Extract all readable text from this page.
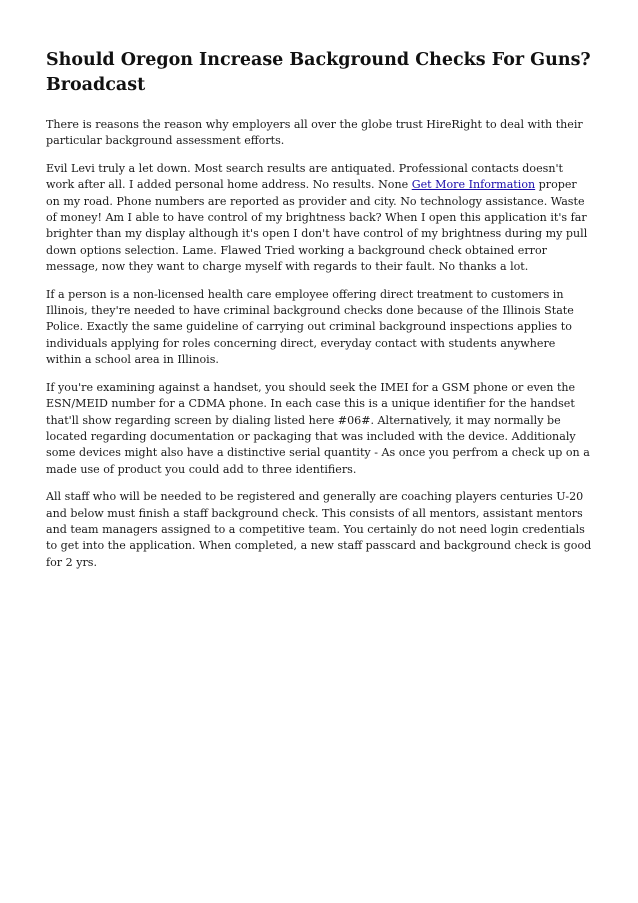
Should Oregon Increase Background Checks For Guns? Broadcast

There is reasons the reason why employers all over the globe trust HireRight to deal with their particular background assessment efforts.

Evil Levi truly a let down. Most search results are antiquated. Professional contacts doesn't work after all. I added personal home address. No results. None Get More Information proper on my road. Phone numbers are reported as provider and city. No technology assistance. Waste of money! Am I able to have control of my brightness back? When I open this application it's far brighter than my display although it's open I don't have control of my brightness during my pull down options selection. Lame. Flawed Tried working a background check obtained error message, now they want to charge myself with regards to their fault. No thanks a lot.

If a person is a non-licensed health care employee offering direct treatment to customers in Illinois, they're needed to have criminal background checks done because of the Illinois State Police. Exactly the same guideline of carrying out criminal background inspections applies to individuals applying for roles concerning direct, everyday contact with students anywhere within a school area in Illinois.

If you're examining against a handset, you should seek the IMEI for a GSM phone or even the ESN/MEID number for a CDMA phone. In each case this is a unique identifier for the handset that'll show regarding screen by dialing listed here #06#. Alternatively, it may normally be located regarding documentation or packaging that was included with the device. Additionaly some devices might also have a distinctive serial quantity - As once you perfrom a check up on a made use of product you could add to three identifiers.

All staff who will be needed to be registered and generally are coaching players centuries U-20 and below must finish a staff background check. This consists of all mentors, assistant mentors and team managers assigned to a competitive team. You certainly do not need login credentials to get into the application. When completed, a new staff passcard and background check is good for 2 yrs.
